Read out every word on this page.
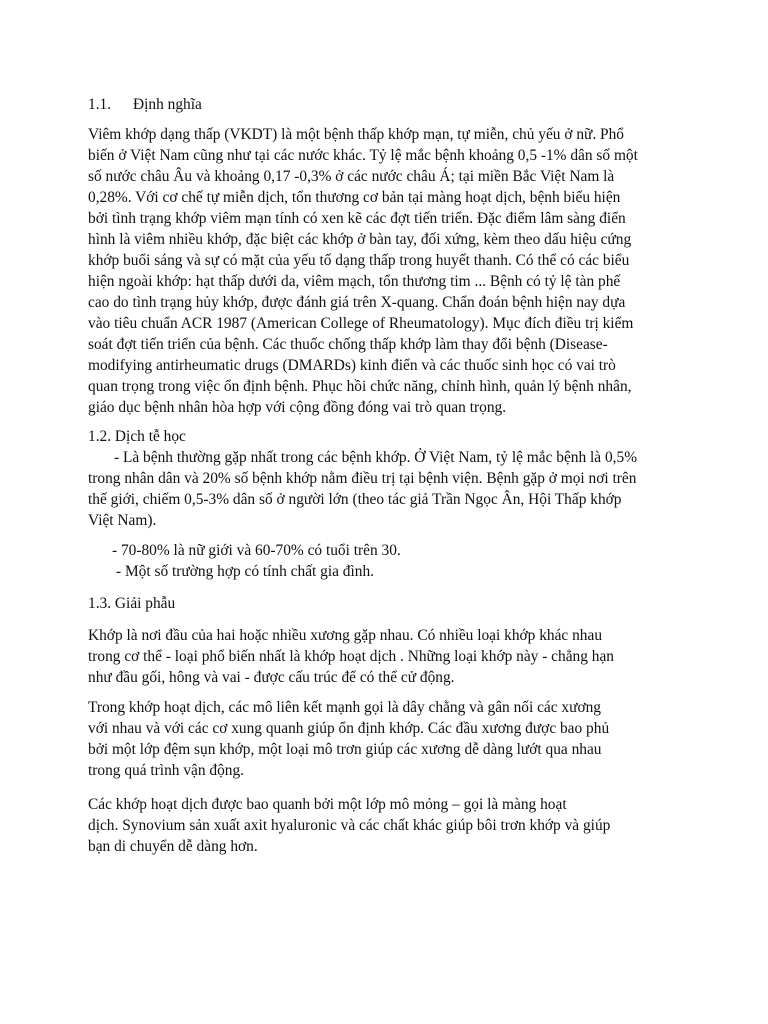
1.1. Định nghĩa
Viêm khớp dạng thấp (VKDT) là một bệnh thấp khớp mạn, tự miễn, chủ yếu ở nữ. Phổ
biến ở Việt Nam cũng như tại các nước khác. Tỷ lệ mắc bệnh khoảng 0,5 -1% dân số một
số nước châu Âu và khoảng 0,17 -0,3% ở các nước châu Á; tại miền Bắc Việt Nam là
0,28%. Với cơ chế tự miễn dịch, tổn thương cơ bản tại màng hoạt dịch, bệnh biểu hiện
bởi tình trạng khớp viêm mạn tính có xen kẽ các đợt tiến triển. Đặc điểm lâm sàng điển
hình là viêm nhiều khớp, đặc biệt các khớp ở bàn tay, đối xứng, kèm theo dấu hiệu cứng
khớp buổi sáng và sự có mặt của yếu tố dạng thấp trong huyết thanh. Có thể có các biểu
hiện ngoài khớp: hạt thấp dưới da, viêm mạch, tổn thương tim ... Bệnh có tỷ lệ tàn phế
cao do tình trạng hủy khớp, được đánh giá trên X-quang. Chẩn đoán bệnh hiện nay dựa
vào tiêu chuẩn ACR 1987 (American College of Rheumatology). Mục đích điều trị kiểm
soát đợt tiến triển của bệnh. Các thuốc chống thấp khớp làm thay đổi bệnh (Disease-
modifying antirheumatic drugs (DMARDs) kinh điển và các thuốc sinh học có vai trò
quan trọng trong việc ổn định bệnh. Phục hồi chức năng, chỉnh hình, quản lý bệnh nhân,
giáo dục bệnh nhân hòa hợp với cộng đồng đóng vai trò quan trọng.
1.2. Dịch tễ học
- Là bệnh thường gặp nhất trong các bệnh khớp. Ở Việt Nam, tỷ lệ mắc bệnh là 0,5%
trong nhân dân và 20% số bệnh khớp nằm điều trị tại bệnh viện. Bệnh gặp ở mọi nơi trên
thế giới, chiếm 0,5-3% dân số ở người lớn (theo tác giả Trần Ngọc Ân, Hội Thấp khớp
Việt Nam).
- 70-80% là nữ giới và 60-70% có tuổi trên 30.
- Một số trường hợp có tính chất gia đình.
1.3. Giải phẫu
Khớp là nơi đầu của hai hoặc nhiều xương gặp nhau. Có nhiều loại khớp khác nhau
trong cơ thể - loại phổ biến nhất là khớp hoạt dịch . Những loại khớp này - chẳng hạn
như đầu gối, hông và vai - được cấu trúc để có thể cử động.
Trong khớp hoạt dịch, các mô liên kết mạnh gọi là dây chằng và gân nối các xương
với nhau và với các cơ xung quanh giúp ổn định khớp. Các đầu xương được bao phủ
bởi một lớp đệm sụn khớp, một loại mô trơn giúp các xương dễ dàng lướt qua nhau
trong quá trình vận động.
Các khớp hoạt dịch được bao quanh bởi một lớp mô mỏng – gọi là màng hoạt
dịch. Synovium sản xuất axit hyaluronic và các chất khác giúp bôi trơn khớp và giúp
bạn di chuyển dễ dàng hơn.
